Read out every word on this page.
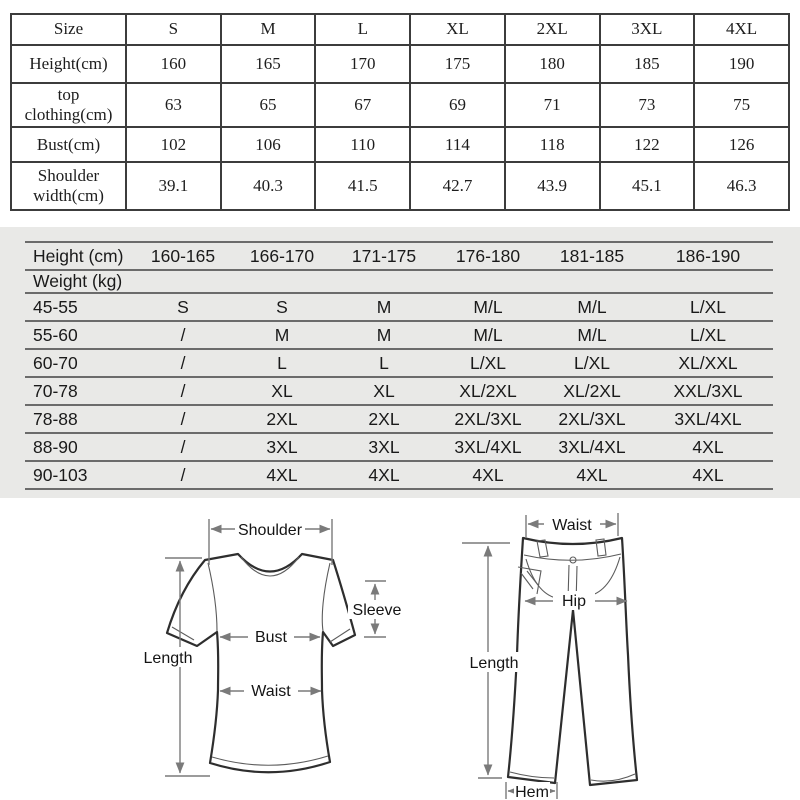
Size	S	M	L	XL	2XL	3XL	4XL
Height(cm)	160	165	170	175	180	185	190
top clothing(cm)	63	65	67	69	71	73	75
Bust(cm)	102	106	110	114	118	122	126
Shoulder width(cm)	39.1	40.3	41.5	42.7	43.9	45.1	46.3
Height (cm)	160-165	166-170	171-175	176-180	181-185	186-190
Weight (kg)						
45-55	S	S	M	M/L	M/L	L/XL
55-60	/	M	M	M/L	M/L	L/XL
60-70	/	L	L	L/XL	L/XL	XL/XXL
70-78	/	XL	XL	XL/2XL	XL/2XL	XXL/3XL
78-88	/	2XL	2XL	2XL/3XL	2XL/3XL	3XL/4XL
88-90	/	3XL	3XL	3XL/4XL	3XL/4XL	4XL
90-103	/	4XL	4XL	4XL	4XL	4XL
Shoulder
Length
Bust
Waist
Sleeve
Waist
Hip
Length
Hem
